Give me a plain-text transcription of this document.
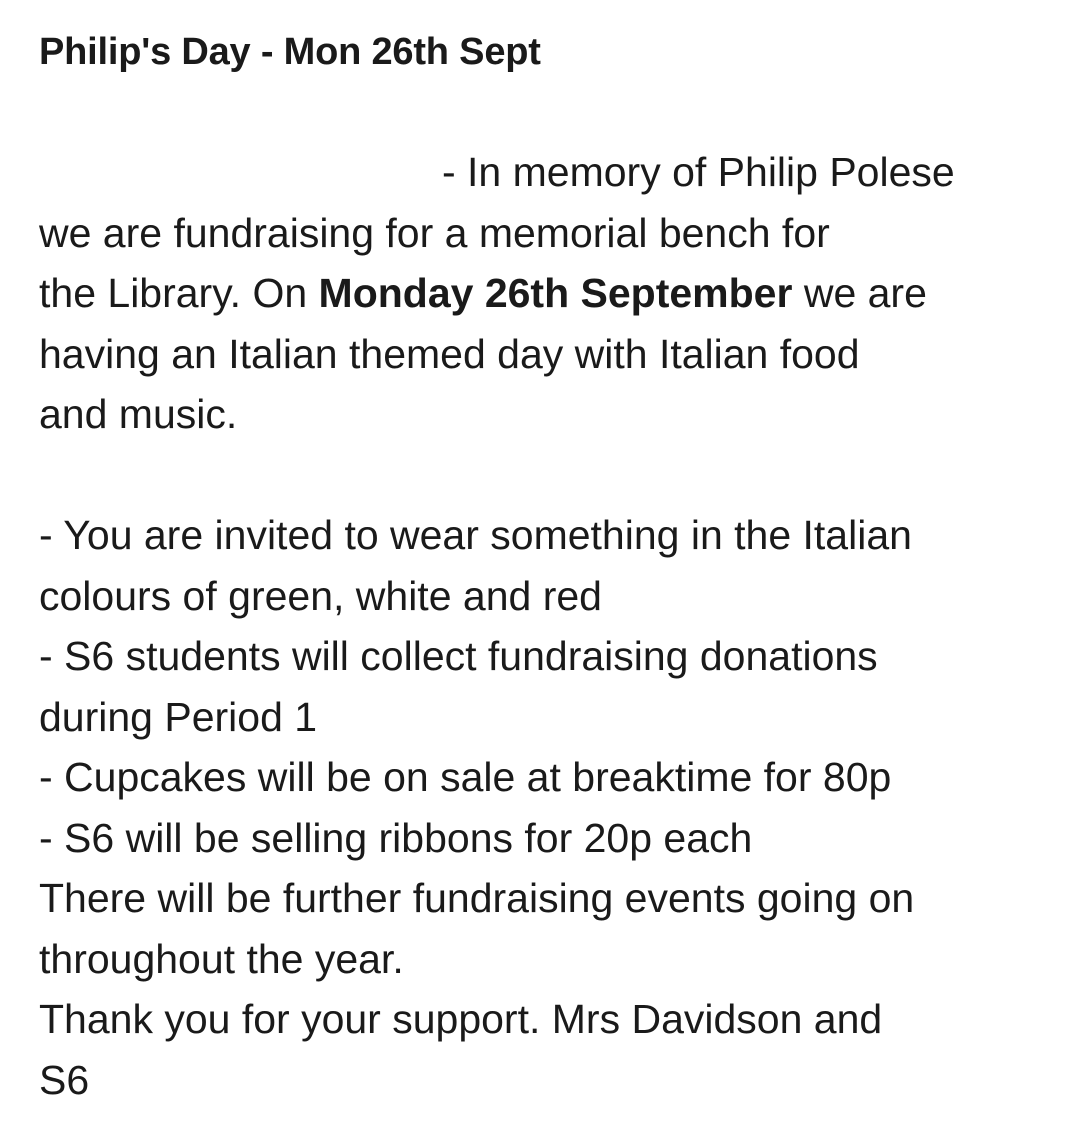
Philip's Day - Mon 26th Sept

- In memory of Philip Polese
we are fundraising for a memorial bench for
the Library. On Monday 26th September we are
having an Italian themed day with Italian food
and music.

- You are invited to wear something in the Italian
colours of green, white and red
- S6 students will collect fundraising donations
during Period 1
- Cupcakes will be on sale at breaktime for 80p
- S6 will be selling ribbons for 20p each
There will be further fundraising events going on
throughout the year.
Thank you for your support. Mrs Davidson and
S6
